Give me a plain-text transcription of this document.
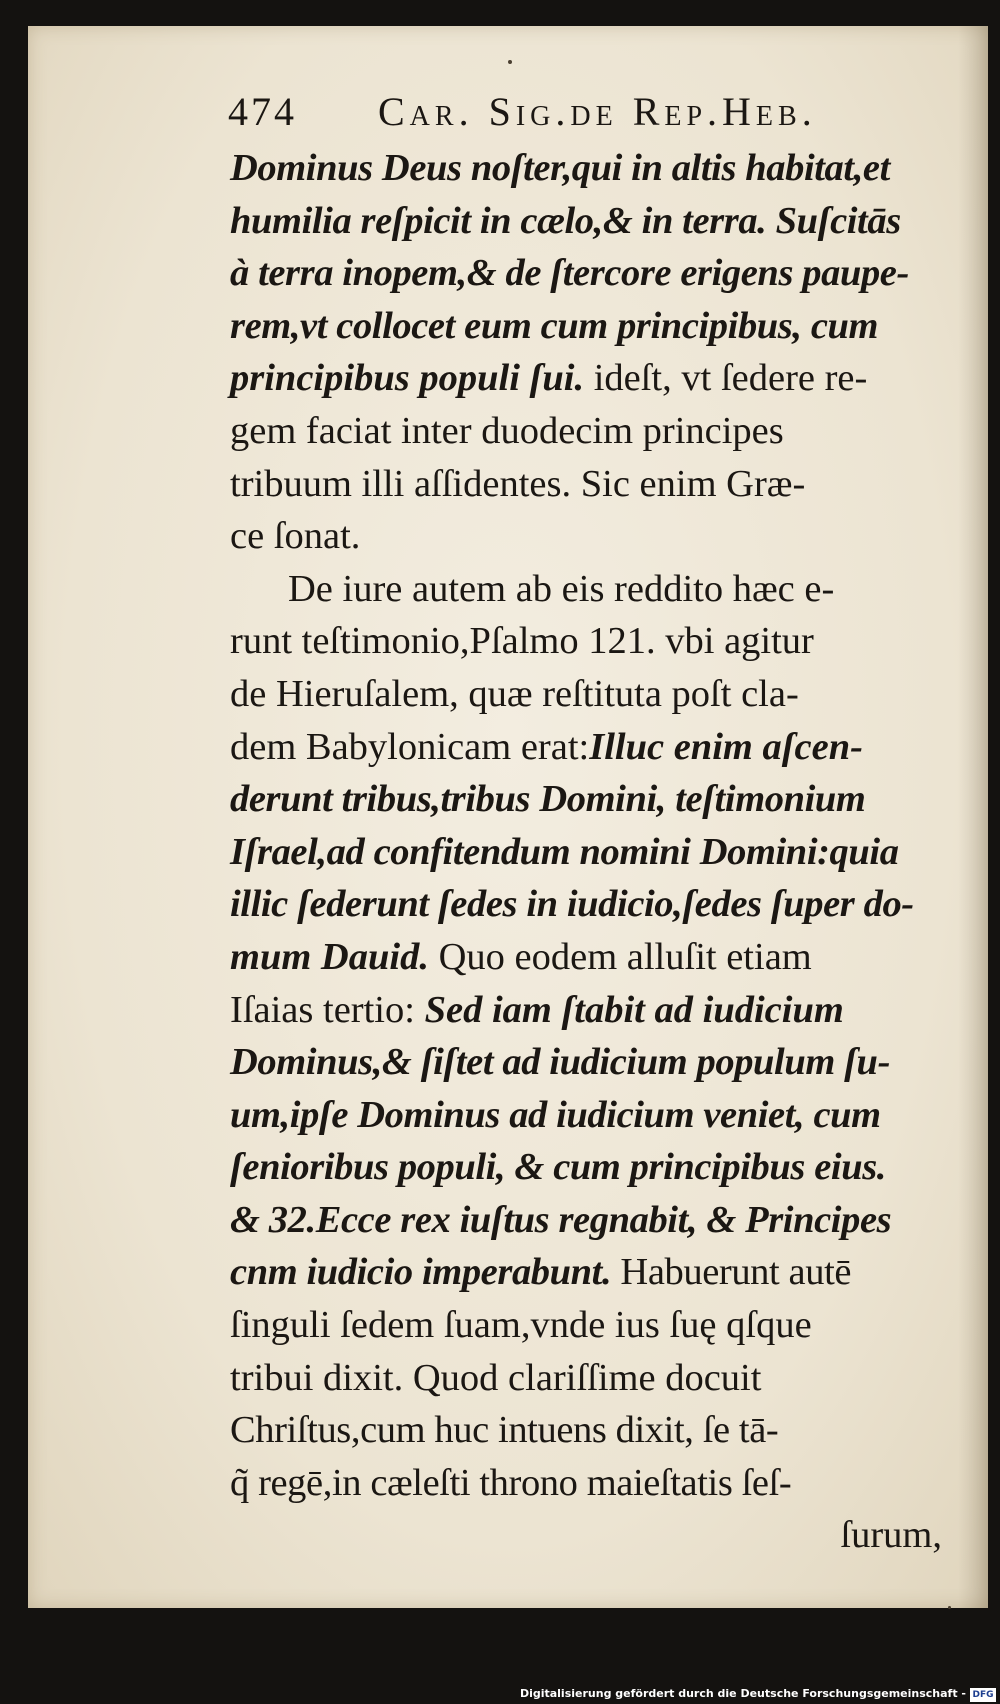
474 Car. Sig.de Rep.Heb.
Dominus Deus noſter,qui in altis habitat,et
humilia reſpicit in cælo,& in terra. Suſcitās
à terra inopem,& de ſtercore erigens paupe-
rem,vt collocet eum cum principibus, cum
principibus populi ſui. ideſt, vt ſedere re-
gem faciat inter duodecim principes
tribuum illi aſſidentes. Sic enim Græ-
ce ſonat.
De iure autem ab eis reddito hæc e-
runt teſtimonio,Pſalmo 121. vbi agitur
de Hieruſalem, quæ reſtituta poſt cla-
dem Babylonicam erat:Illuc enim aſcen-
derunt tribus,tribus Domini, teſtimonium
Iſrael,ad confitendum nomini Domini:quia
illic ſederunt ſedes in iudicio,ſedes ſuper do-
mum Dauid. Quo eodem alluſit etiam
Iſaias tertio: Sed iam ſtabit ad iudicium
Dominus,& ſiſtet ad iudicium populum ſu-
um,ipſe Dominus ad iudicium veniet, cum
ſenioribus populi, & cum principibus eius.
& 32.Ecce rex iuſtus regnabit, & Principes
cnm iudicio imperabunt. Habuerunt autē
ſinguli ſedem ſuam,vnde ius ſuę qſque
tribui dixit. Quod clariſſime docuit
Chriſtus,cum huc intuens dixit, ſe tā-
q̃ regē,in cæleſti throno maieſtatis ſeſ-
ſurum,
Digitalisierung gefördert durch die Deutsche Forschungsgemeinschaft - DFG
